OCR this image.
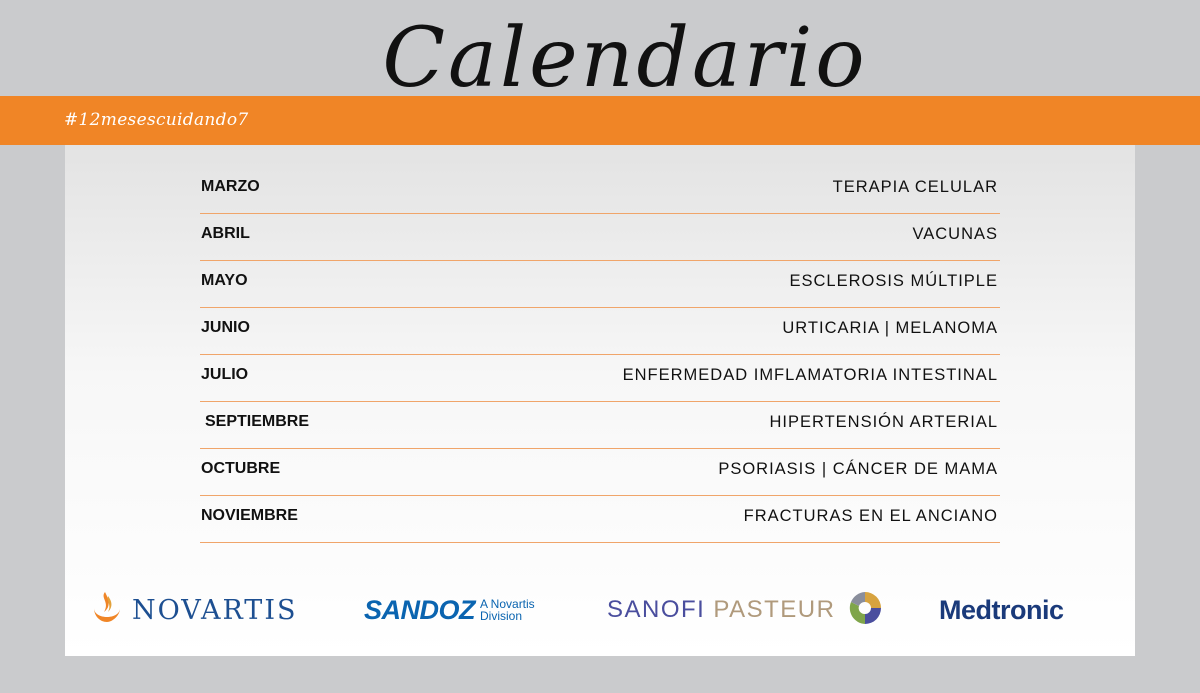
#12mesescuidando7
Calendario
MARZO	TERAPIA CELULAR
ABRIL	VACUNAS
MAYO	ESCLEROSIS MÚLTIPLE
JUNIO	URTICARIA | MELANOMA
JULIO	ENFERMEDAD IMFLAMATORIA INTESTINAL
SEPTIEMBRE	HIPERTENSIÓN ARTERIAL
OCTUBRE	PSORIASIS | CÁNCER DE MAMA
NOVIEMBRE	FRACTURAS EN EL ANCIANO
NOVARTIS SANDOZ A Novartis
Division	SANOFI PASTEUR	Medtronic
